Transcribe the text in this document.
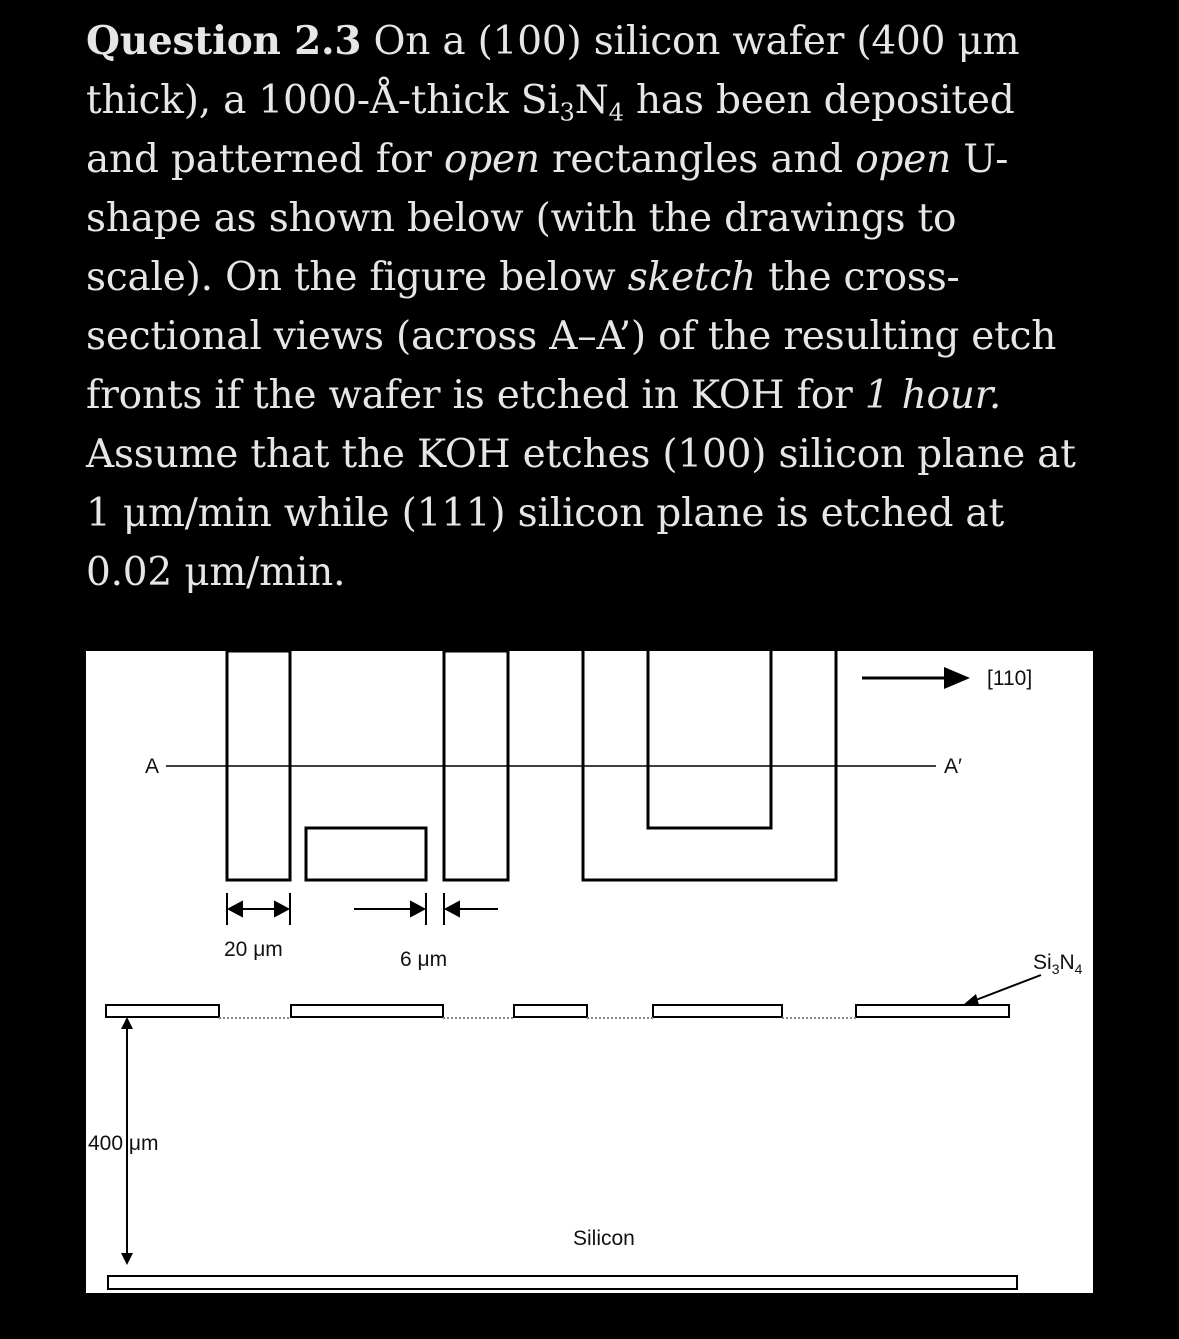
Question 2.3 On a (100) silicon wafer (400 μm thick), a 1000-Å-thick $Si_3N_4$ has been deposited and patterned for open rectangles and open U-shape as shown below (with the drawings to scale). On the figure below sketch the cross-sectional views (across A–A’) of the resulting etch fronts if the wafer is etched in KOH for 1 hour. Assume that the KOH etches (100) silicon plane at 1 μm/min while (111) silicon plane is etched at 0.02 μm/min.
A	A′
[110]
20 μm	6 μm	$Si_3N_4$
400 μm
Silicon
